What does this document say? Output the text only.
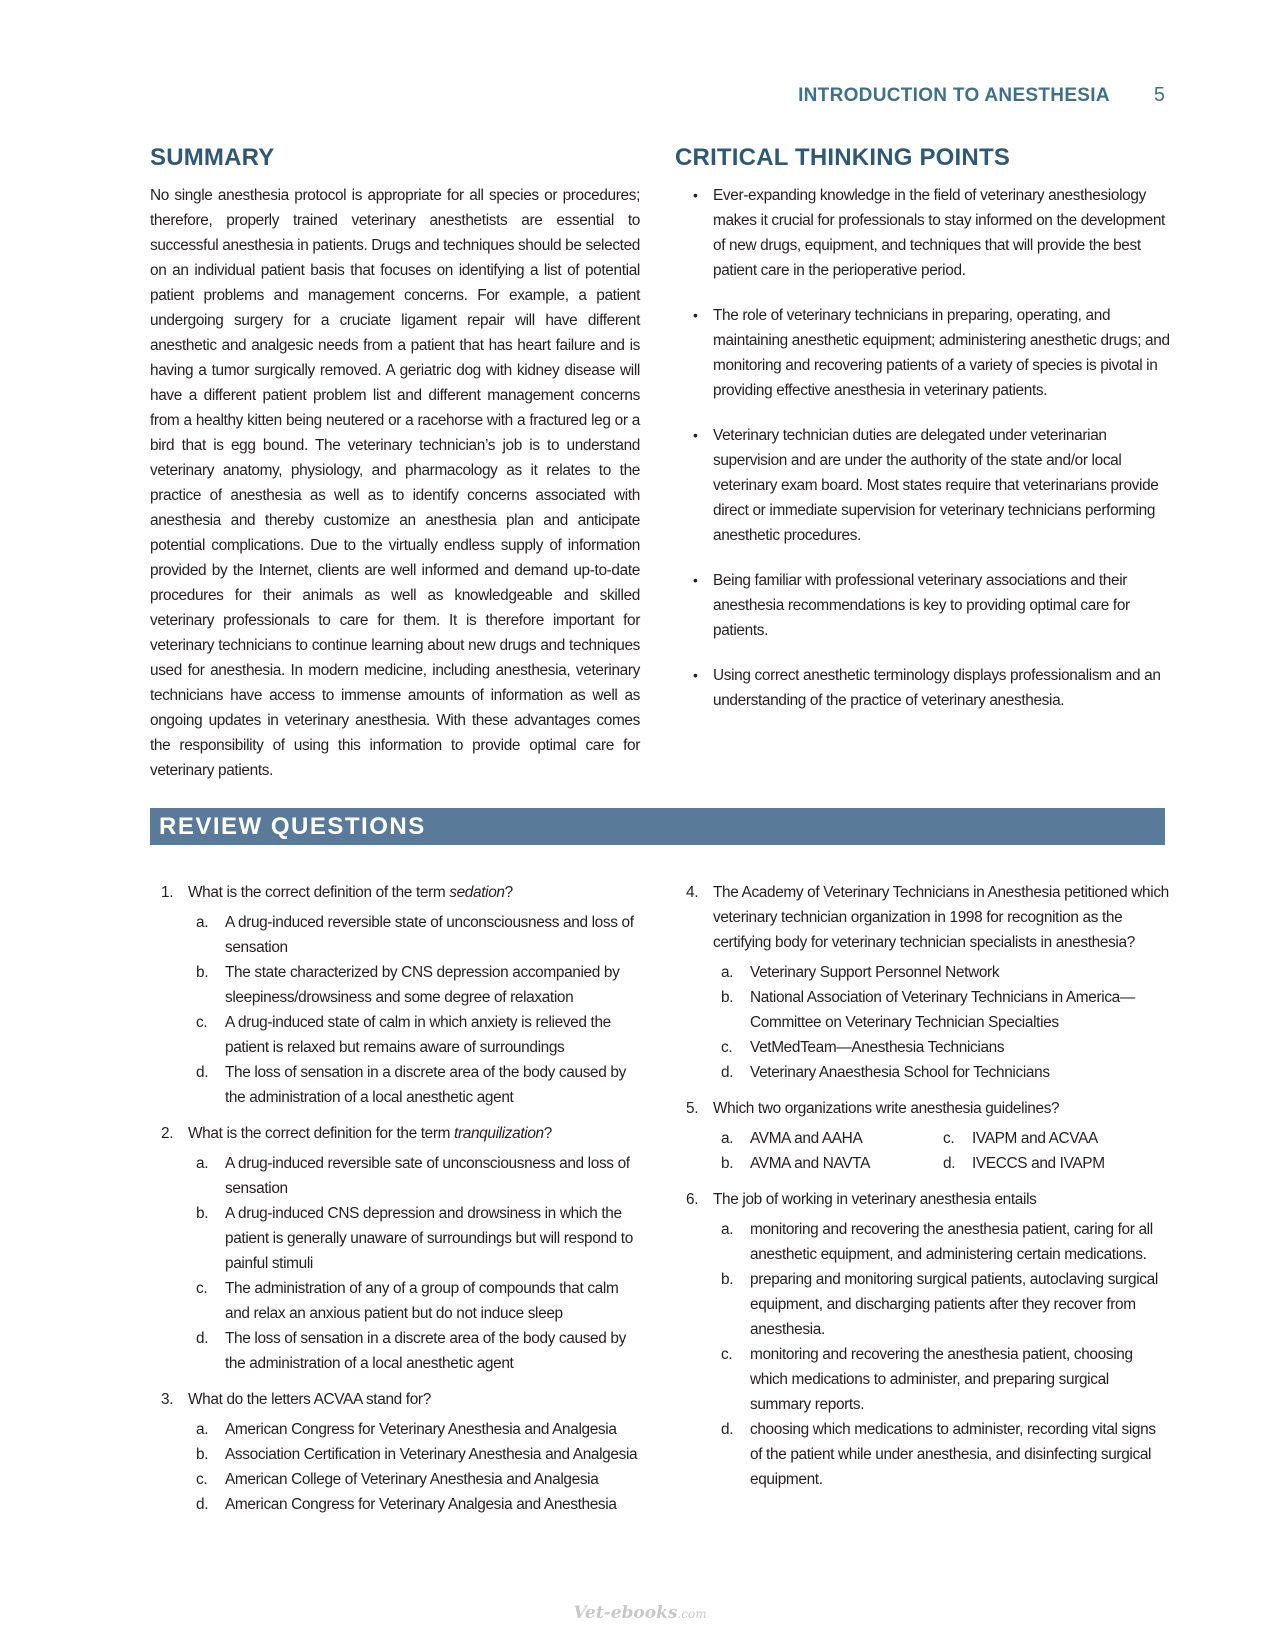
INTRODUCTION TO ANESTHESIA 5
SUMMARY

No single anesthesia protocol is appropriate for all species or procedures; therefore, properly trained veterinary anesthetists are essential to successful anesthesia in patients. Drugs and techniques should be selected on an individual patient basis that focuses on identifying a list of potential patient problems and management concerns. For example, a patient undergoing surgery for a cruciate ligament repair will have different anesthetic and analgesic needs from a patient that has heart failure and is having a tumor surgically removed. A geriatric dog with kidney disease will have a different patient problem list and different management concerns from a healthy kitten being neutered or a racehorse with a fractured leg or a bird that is egg bound. The veterinary technician’s job is to understand veterinary anatomy, physiology, and pharmacology as it relates to the practice of anesthesia as well as to identify concerns associated with anesthesia and thereby customize an anesthesia plan and anticipate potential complications. Due to the virtually endless supply of information provided by the Internet, clients are well informed and demand up-to-date procedures for their animals as well as knowledgeable and skilled veterinary professionals to care for them. It is therefore important for veterinary technicians to continue learning about new drugs and techniques used for anesthesia. In modern medicine, including anesthesia, veterinary technicians have access to immense amounts of information as well as ongoing updates in veterinary anesthesia. With these advantages comes the responsibility of using this information to provide optimal care for veterinary patients.

CRITICAL THINKING POINTS
• Ever-expanding knowledge in the field of veterinary anesthesiology makes it crucial for professionals to stay informed on the development of new drugs, equipment, and techniques that will provide the best patient care in the perioperative period.
• The role of veterinary technicians in preparing, operating, and maintaining anesthetic equipment; administering anesthetic drugs; and monitoring and recovering patients of a variety of species is pivotal in providing effective anesthesia in veterinary patients.
• Veterinary technician duties are delegated under veterinarian supervision and are under the authority of the state and/or local veterinary exam board. Most states require that veterinarians provide direct or immediate supervision for veterinary technicians performing anesthetic procedures.
• Being familiar with professional veterinary associations and their anesthesia recommendations is key to providing optimal care for patients.
• Using correct anesthetic terminology displays professionalism and an understanding of the practice of veterinary anesthesia.
REVIEW QUESTIONS
1. What is the correct definition of the term sedation?
a. A drug-induced reversible state of unconsciousness and loss of sensation
b. The state characterized by CNS depression accompanied by sleepiness/drowsiness and some degree of relaxation
c. A drug-induced state of calm in which anxiety is relieved the patient is relaxed but remains aware of surroundings
d. The loss of sensation in a discrete area of the body caused by the administration of a local anesthetic agent
2. What is the correct definition for the term tranquilization?
a. A drug-induced reversible sate of unconsciousness and loss of sensation
b. A drug-induced CNS depression and drowsiness in which the patient is generally unaware of surroundings but will respond to painful stimuli
c. The administration of any of a group of compounds that calm and relax an anxious patient but do not induce sleep
d. The loss of sensation in a discrete area of the body caused by the administration of a local anesthetic agent
3. What do the letters ACVAA stand for?
a. American Congress for Veterinary Anesthesia and Analgesia
b. Association Certification in Veterinary Anesthesia and Analgesia
c. American College of Veterinary Anesthesia and Analgesia
d. American Congress for Veterinary Analgesia and Anesthesia
4. The Academy of Veterinary Technicians in Anesthesia petitioned which veterinary technician organization in 1998 for recognition as the certifying body for veterinary technician specialists in anesthesia?
a. Veterinary Support Personnel Network
b. National Association of Veterinary Technicians in America—Committee on Veterinary Technician Specialties
c. VetMedTeam—Anesthesia Technicians
d. Veterinary Anaesthesia School for Technicians
5. Which two organizations write anesthesia guidelines?
a. AVMA and AAHA	c. IVAPM and ACVAA
b. AVMA and NAVTA	d. IVECCS and IVAPM
6. The job of working in veterinary anesthesia entails
a. monitoring and recovering the anesthesia patient, caring for all anesthetic equipment, and administering certain medications.
b. preparing and monitoring surgical patients, autoclaving surgical equipment, and discharging patients after they recover from anesthesia.
c. monitoring and recovering the anesthesia patient, choosing which medications to administer, and preparing surgical summary reports.
d. choosing which medications to administer, recording vital signs of the patient while under anesthesia, and disinfecting surgical equipment.
Vet-ebooks.com
